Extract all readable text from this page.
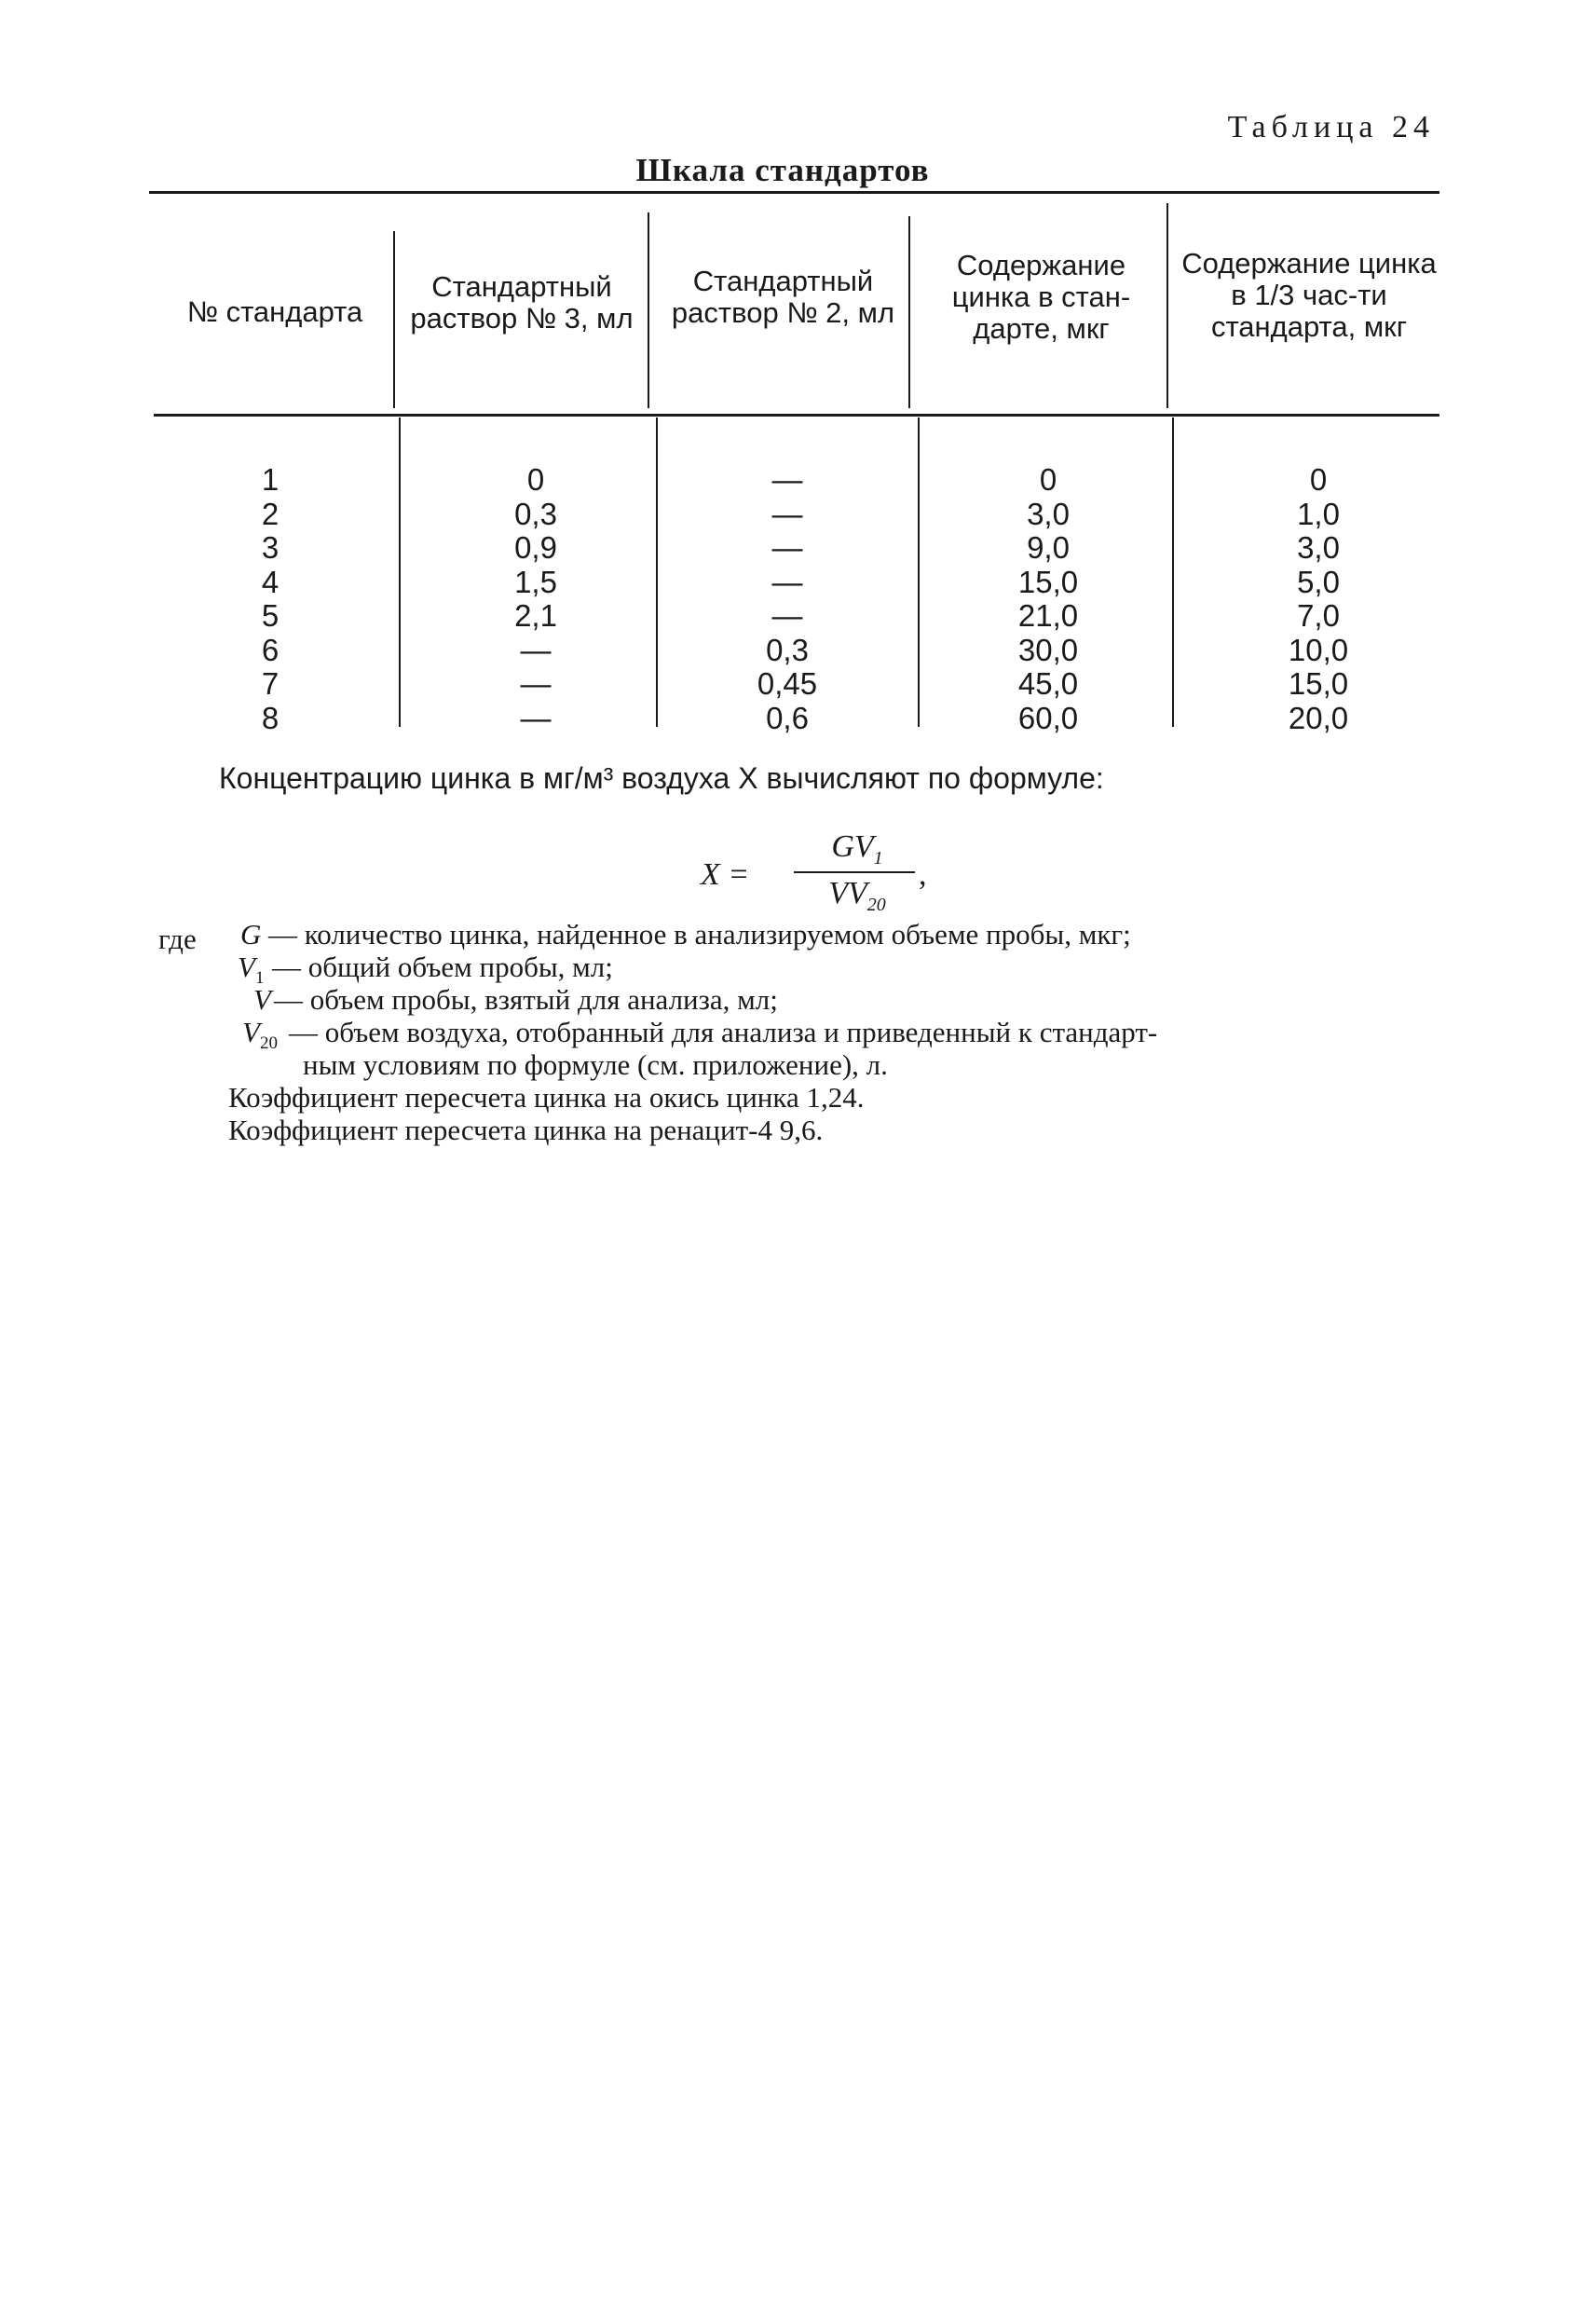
Таблица 24
Шкала стандартов
№ стандарта
Стандартный раствор № 3, мл
Стандартный раствор № 2, мл
Содержание цинка в стан-дарте, мкг
Содержание цинка в 1/3 час-ти стандарта, мкг
1
2
3
4
5
6
7
8
0
0,3
0,9
1,5
2,1
—
—
—
—
—
—
—
—
0,3
0,45
0,6
0
3,0
9,0
15,0
21,0
30,0
45,0
60,0
0
1,0
3,0
5,0
7,0
10,0
15,0
20,0
Концентрацию цинка в мг/м³ воздуха X вычисляют по формуле:
X =
$GV_1$
$VV_{20}$
,
где G — количество цинка, найденное в анализируемом объеме пробы, мкг;
$V_1$ — общий объем пробы, мл;
V — объем пробы, взятый для анализа, мл;
$V_{20}$ — объем воздуха, отобранный для анализа и приведенный к стандарт-
ным условиям по формуле (см. приложение), л.
Коэффициент пересчета цинка на окись цинка 1,24.
Коэффициент пересчета цинка на ренацит-4 9,6.
